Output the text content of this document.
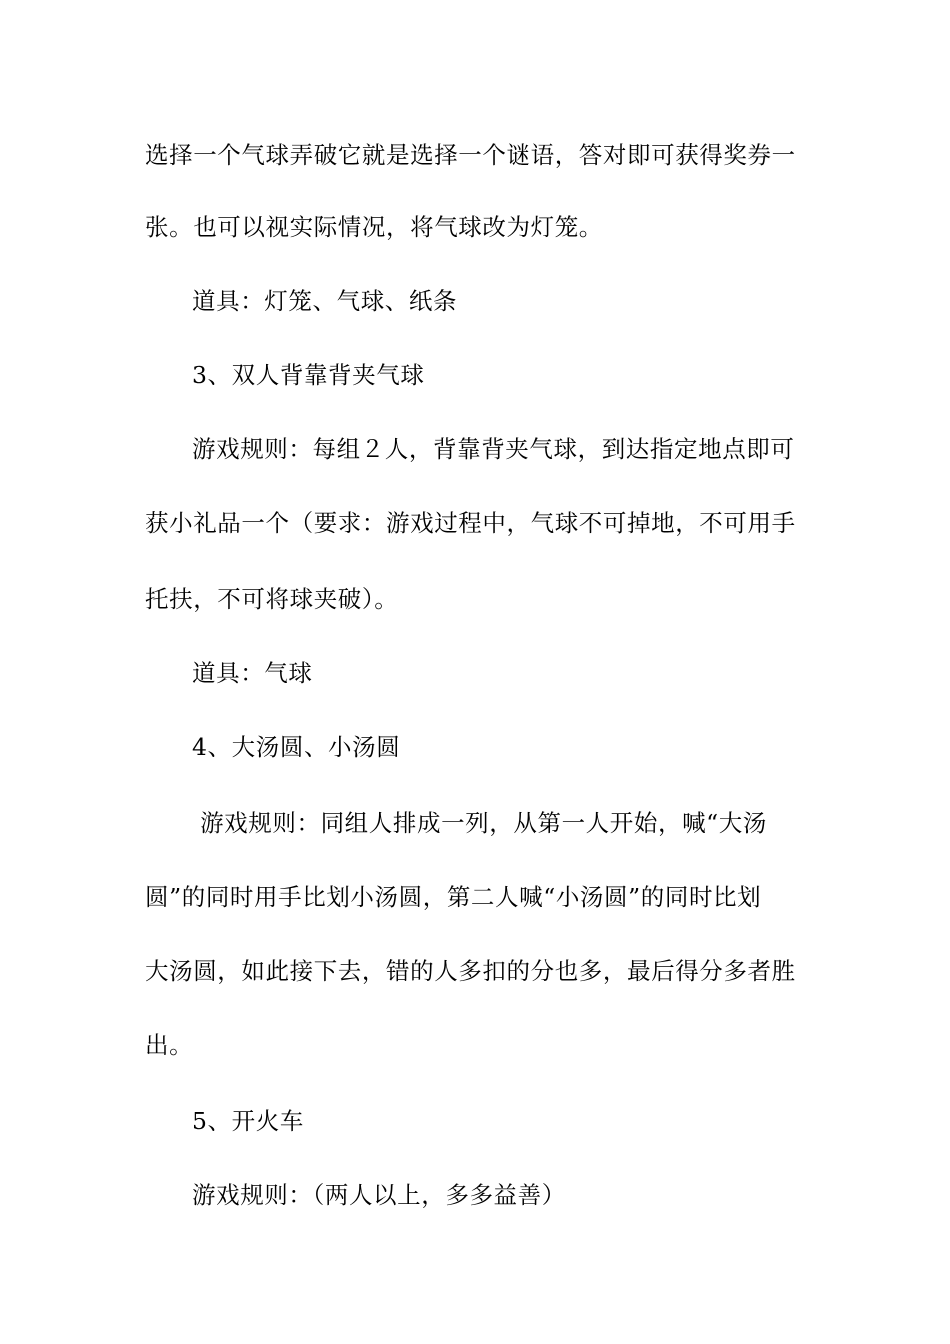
选择一个气球弄破它就是选择一个谜语，答对即可获得奖券一
张。也可以视实际情况，将气球改为灯笼。
道具：灯笼、气球、纸条
3、双人背靠背夹气球
游戏规则：每组２人，背靠背夹气球，到达指定地点即可
获小礼品一个（要求：游戏过程中，气球不可掉地，不可用手
托扶，不可将球夹破）。
道具：气球
4、大汤圆、小汤圆
游戏规则：同组人排成一列，从第一人开始，喊“大汤
圆”的同时用手比划小汤圆，第二人喊“小汤圆”的同时比划
大汤圆，如此接下去，错的人多扣的分也多，最后得分多者胜
出。
5、开火车
游戏规则：（两人以上，多多益善）
